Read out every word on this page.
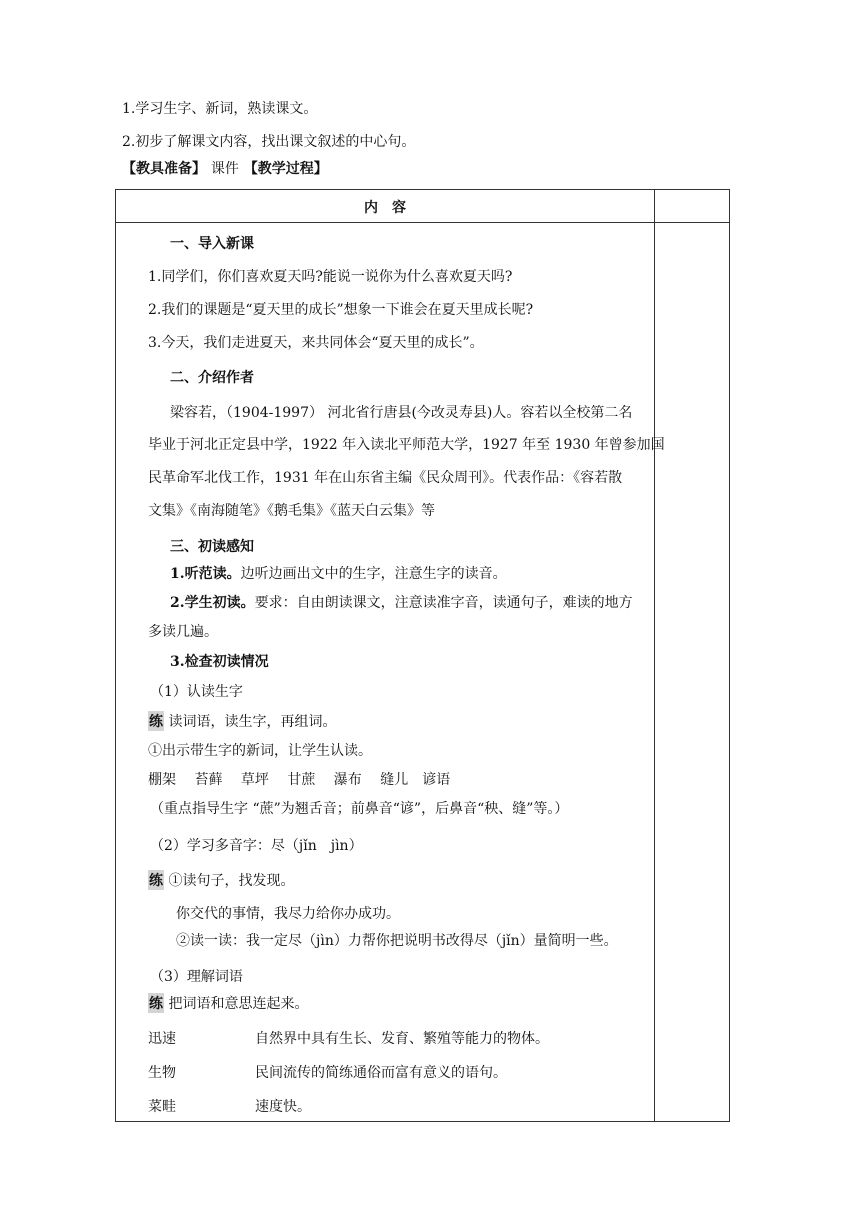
1.学习生字、新词，熟读课文。
2.初步了解课文内容，找出课文叙述的中心句。
【教具准备】 课件 【教学过程】
内　容
一、导入新课
1.同学们，你们喜欢夏天吗?能说一说你为什么喜欢夏天吗?
2.我们的课题是“夏天里的成长”想象一下谁会在夏天里成长呢?
3.今天，我们走进夏天，来共同体会“夏天里的成长”。
二、介绍作者
梁容若，（1904-1997） 河北省行唐县(今改灵寿县)人。容若以全校第二名
毕业于河北正定县中学，1922 年入读北平师范大学，1927 年至 1930 年曾参加国
民革命军北伐工作，1931 年在山东省主编《民众周刊》。代表作品：《容若散
文集》《南海随笔》《鹅毛集》《蓝天白云集》等
三、初读感知
1.听范读。边听边画出文中的生字，注意生字的读音。
2.学生初读。要求：自由朗读课文，注意读准字音，读通句子，难读的地方
多读几遍。
3.检查初读情况
（1）认读生字
练 读词语，读生字，再组词。
①出示带生字的新词，让学生认读。
棚架　 苔藓　 草坪　 甘蔗　 瀑布　 缝儿　谚语
（重点指导生字 “蔗”为翘舌音；前鼻音“谚”，后鼻音“秧、缝”等。）
（2）学习多音字：尽（jǐn　jìn）
练 ①读句子，找发现。
你交代的事情，我尽力给你办成功。
②读一读：我一定尽（jìn）力帮你把说明书改得尽（jǐn）量简明一些。
（3）理解词语
练 把词语和意思连起来。
迅速	自然界中具有生长、发育、繁殖等能力的物体。
生物	民间流传的简练通俗而富有意义的语句。
菜畦	速度快。
